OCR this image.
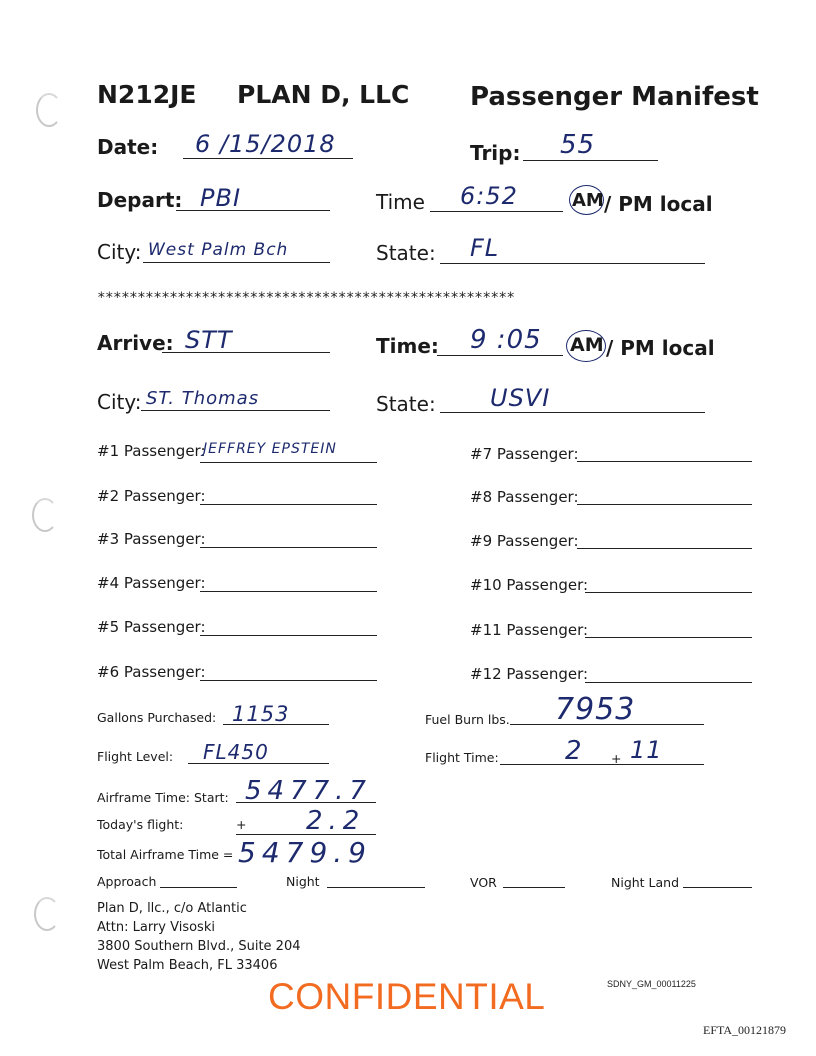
N212JE PLAN D, LLC Passenger Manifest
Date: 6 /15/2018	Trip: 55
Depart: PBI	Time 6:52	AM / PM local
City: West Palm Bch	State: FL
****************************************************
Arrive: STT	Time: 9 :05 AM / PM local
City: ST. Thomas	State: USVI
#1 Passenger:
JEFFREY EPSTEIN
#2 Passenger:
#3 Passenger:
#4 Passenger:
#5 Passenger:
#6 Passenger:
#7 Passenger:
#8 Passenger:
#9 Passenger:
#10 Passenger:
#11 Passenger:
#12 Passenger:
Gallons Purchased: 1153	Fuel Burn lbs. 7953
Flight Level: FL450	Flight Time:	2 + 11
Airframe Time: Start: 5477.7
Today's flight:	+ 2.2
Total Airframe Time = 5479.9
Approach	Night	VOR	Night Land
Plan D, llc., c/o Atlantic
Attn: Larry Visoski
3800 Southern Blvd., Suite 204
West Palm Beach, FL 33406
CONFIDENTIAL	SDNY_GM_00011225
EFTA_00121879
